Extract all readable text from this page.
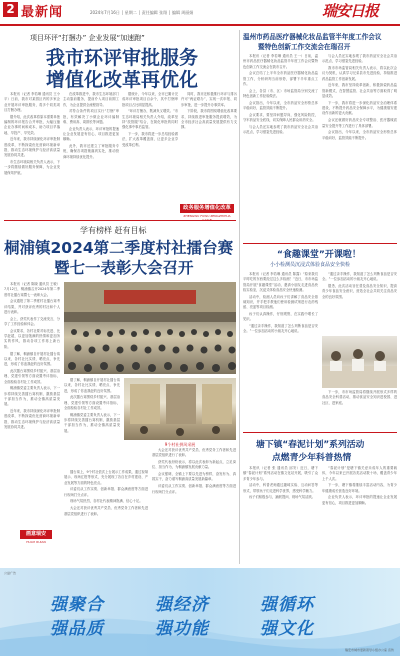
2 最新闻	2024年7月16日 │ 星期二 │ 责任编辑 张翔 │ 编辑 周丽娟	瑞安日报
项目环评“打捆办” 企业发展“加速跑”
我市环评审批服务
增值化改革再优化

本报讯（记者 李若琳 通讯员 王小平）日前，我市对某园区内的多家企业开展环评审批服务，将多个同类项目打捆办理。

据介绍，此次改革将原本需要单独编制的环评报告合并审批，大幅压缩企业办事时间和成本，助力项目早落地、早投产、早见效。

近年来，我市持续深化环评审批制度改革，不断探索优化营商环境新举措，推动生态环境保护与经济高质量发展协同共进。

市生态环境局相关负责人表示，下一步将继续做好服务保障，为企业发展保驾护航。

在改革推进中，我市生态环境部门主动靠前服务，提前介入项目前期工作，为企业提供全流程指导。

对符合条件的项目实行“打捆”审批，有效解决了小微企业环评编制难、费用高、周期长等问题。

企业负责人表示，环评审批的提速让企业发展更有信心，项目推进更加顺畅。

此外，我市还建立了审批服务专班，确保各项措施落到实处，推动营商环境持续优化提升。

据统计，今年以来，全市已累计完成环评审批项目百余个，其中打捆审批项目占比明显提高。

“环评打捆办，既减负又增效。”市生态环境局相关负责人介绍，改革坚持“放管服”结合，在简化审批的同时强化事中事后监管。

下一步，我市将进一步总结经验做法，扩大改革覆盖面，让更多企业享受改革红利。

同时，我市还积极推行环评与排污许可“两证联办”，实现一次申报、同步审批，进一步提升办事效率。

下阶段，我市将围绕增值化改革要求，持续推进审批服务提质增效，为全市经济社会高质量发展提供有力支撑。

政务服务增值化改革
ZHENGWU FUWU ZENGZHIHUA GAIGE
学有榜样 赶有目标
桐浦镇2024第二季度村社擂台赛
暨七一表彰大会召开

本报讯（记者 陈晓 通讯员 王敏）7月12日，桐浦镇召开2024年第二季度村社擂台赛暨七一表彰大会。

会议通报了第二季度村社擂台赛考评结果，并对获评优秀的村社和个人进行表彰。

会上，获奖代表作了交流发言，分享了工作经验和体会。

会议要求，各村社要对标先进、比学赶超，以更加饱满的热情和更加务实的作风，推动各项工作再上新台阶。

据了解，桐浦镇自开展村社擂台赛以来，各村社比实绩、晒亮点、争先进，形成了你追我赶的良好氛围。

此次擂台赛围绕乡村振兴、基层治理、党建引领等方面设置考评指标，全面检验各村社工作成效。

桐浦镇党委主要负责人表示，下一步将持续完善擂台赛机制，激励基层干部担当作为，推动全镇高质量发展。

近年来，我市持续深化环评审批制度改革，不断探索优化营商环境新举措，推动生态环境保护与经济高质量发展协同共进。

据了解，桐浦镇自开展村社擂台赛以来，各村社比实绩、晒亮点、争先进，形成了你追我赶的良好氛围。

此次擂台赛围绕乡村振兴、基层治理、党建引领等方面设置考评指标，全面检验各村社工作成效。

桐浦镇党委主要负责人表示，下一步将持续完善擂台赛机制，激励基层干部担当作为，推动全镇高质量发展。

9个村社拼风采展

擂台赛上，9个村社依次上台展示工作成果，通过视频展示、现场汇报等形式，充分展现了各自在乡村建设、产业发展等方面的特色亮点。

评委们从工作实绩、创新举措、群众满意度等方面进行现场打分点评。

现场气氛热烈，各村社代表精神饱满、信心十足。

大会还对获评优秀共产党员、优秀党务工作者和先进基层党组织进行了表彰。

大会还对获评优秀共产党员、优秀党务工作者和先进基层党组织进行了表彰。

获奖代表纷纷表示，将以此次表彰为新起点，立足岗位、担当作为，为桐浦镇发展贡献力量。

会议强调，全镇上下要以先进为榜样，奋发有为、真抓实干，奋力谱写桐浦高质量发展新篇章。

评委们从工作实绩、创新举措、群众满意度等方面进行现场打分点评。

画意瑞安
HUAYI RUIAN
温州市药品医疗器械化妆品监管半年度工作会议
暨特色创新工作交流会在瑞召开

本报讯（记者 李若琳 通讯员 王一）日前，温州市药品医疗器械化妆品监管半年度工作会议暨特色创新工作交流会在我市召开。

会议总结了上半年全市药品医疗器械化妆品监管工作，分析研判当前形势，部署下半年重点工作。

会上，各县（市、区）市场监管局分别交流了特色创新工作经验做法。

会议指出，今年以来，全市药品安全形势总体平稳向好，监管效能不断提升。

会议要求，要坚持问题导向，强化风险防控，守牢药品安全底线，切实保障人民群众用药安全。

与会人员还实地参观了我市药品安全社会共治示范点，学习借鉴先进经验。

与会人员还实地参观了我市药品安全社会共治示范点，学习借鉴先进经验。

我市市场监管局相关负责人表示，将以此次会议为契机，认真学习兄弟县市先进经验，持续推进药品监管工作创新发展。

近年来，我市坚持改革创新，积极探索药品监管新模式，在智慧监管、社会共治等方面取得了明显成效。

下一步，我市将进一步深化药品安全治理体系建设，不断提升药品安全保障水平，为健康瑞安建设作出新的更大贡献。

会议还就做好药品安全专项整治、医疗器械质量安全提升等工作进行了具体部署。

会议指出，今年以来，全市药品安全形势总体平稳向好，监管效能不断提升。

“食趣课堂”开课啦！
小小检测员沉浸式体验食品安全快检

本报讯（记者 李若琳 通讯员 陈露）“原来我们平时吃的东西要经过这么多检测！”近日，市市场监管局开展“食趣课堂”活动，邀请小朋友走进食品快检实验室，沉浸式体验食品安全快速检测。

活动中，检测人员向孩子们讲解了食品安全基础知识，并手把手教他们使用检测试剂进行农药残留、亮蓝等项目检测。

孩子们认真操作，仔细观察，在实践中增长了见识。

“通过亲手操作，我知道了怎么判断食品是否安全。”一位参加活动的小朋友开心地说。

“通过亲手操作，我知道了怎么判断食品是否安全。”一位参加活动的小朋友开心地说。

据悉，此次活动旨在普及食品安全知识，提高青少年食品安全意识，营造全社会共同关注食品安全的良好氛围。

下一步，市市场监管局将继续开展形式多样的食品安全科普活动，推动食品安全知识进校园、进社区、进家庭。

塘下镇“春泥计划”系列活动
点燃青少年科普热情

本报讯（记者 张 通讯员 邱安）近日，塘下镇“春泥计划”系列活动在镇文化站开展，吸引了众多青少年参与。

活动中，科普老师通过趣味实验、互动问答等形式，带领孩子们走进科学世界，感受科学魅力。

孩子们积极参与，踊跃提问，现场气氛活跃。

“春泥计划”是塘下镇关爱未成年人的重要载体，今年以来已开展各类活动数十场，覆盖青少年上千人次。

下一步，塘下镇将继续丰富活动内容，为青少年健康成长营造良好环境。

企业负责人表示，环评审批的提速让企业发展更有信心，项目推进更加顺畅。

公益广告
强聚合	强经济	强循环
强品质	强功能	强文化
瑞安市城市更新领导小组办公室 宣传
